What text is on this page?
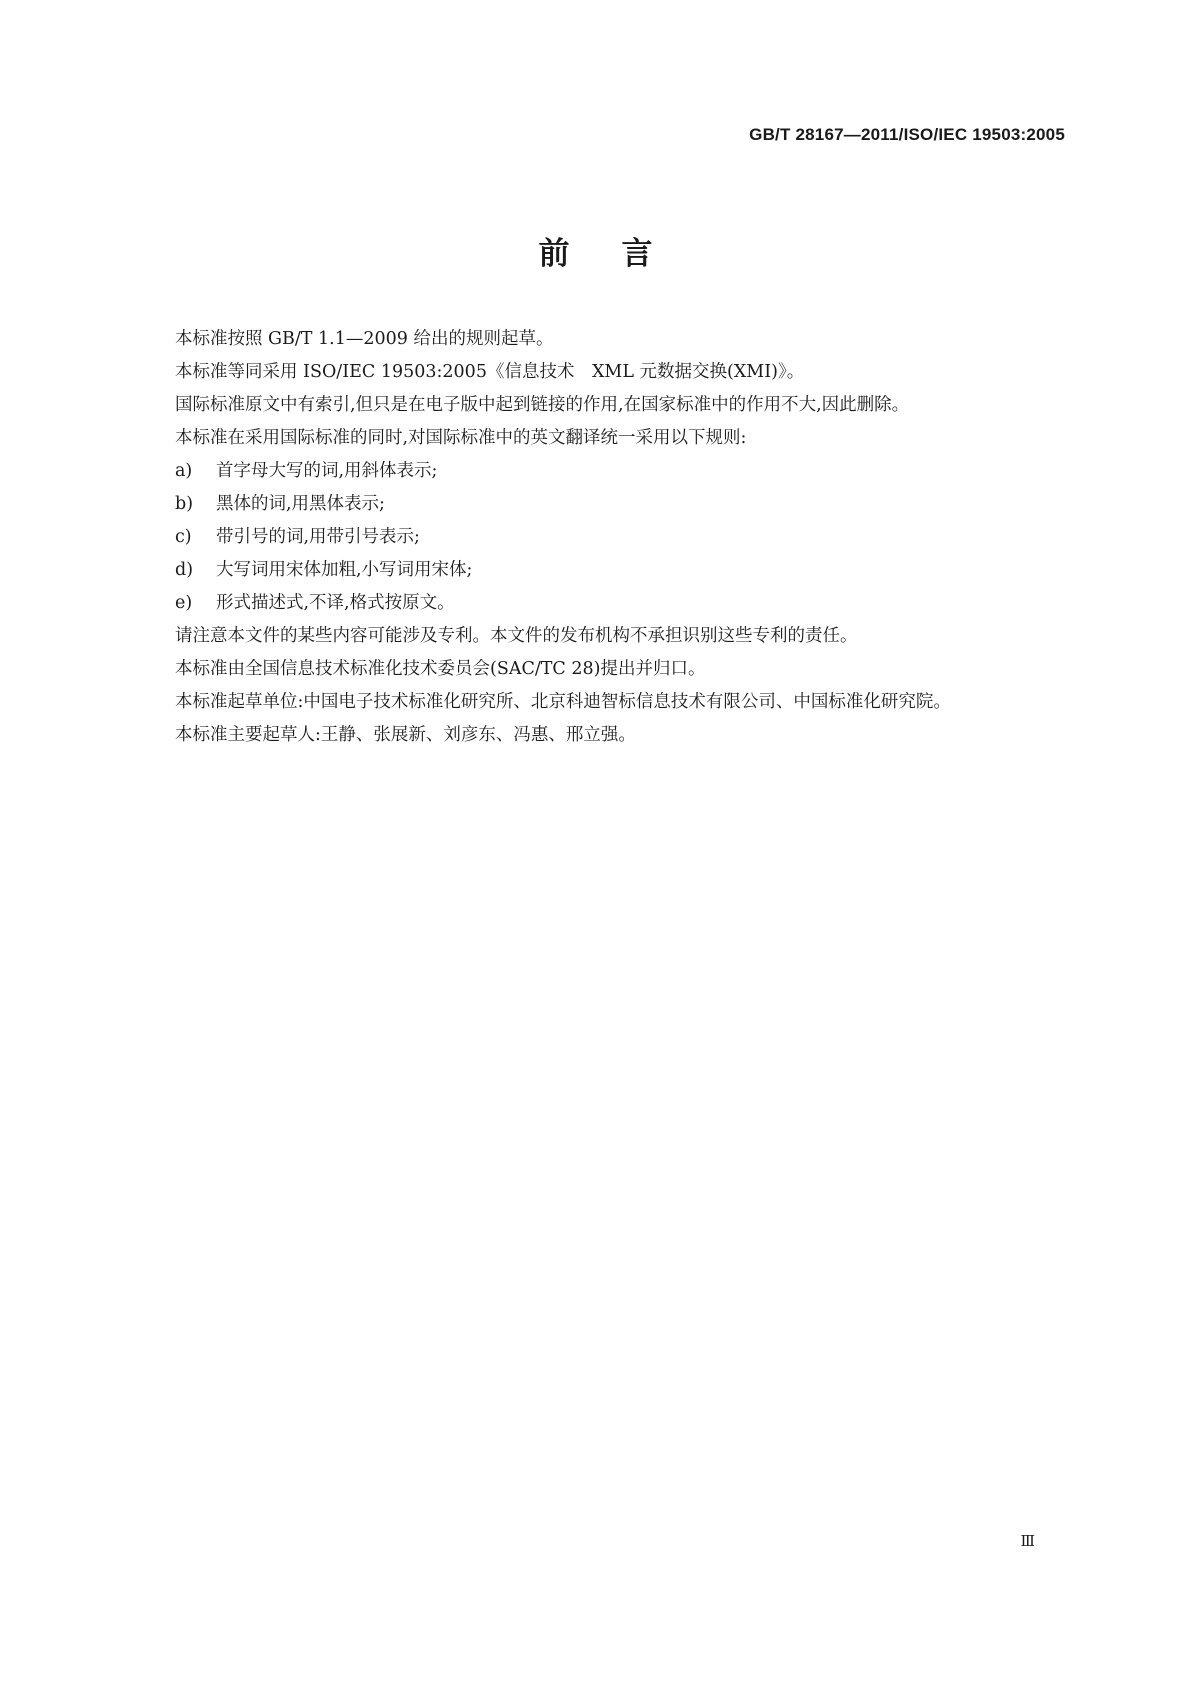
GB/T 28167—2011/ISO/IEC 19503:2005
前言

本标准按照 GB/T 1.1—2009 给出的规则起草。

本标准等同采用 ISO/IEC 19503:2005《信息技术　XML 元数据交换(XMI)》。

国际标准原文中有索引,但只是在电子版中起到链接的作用,在国家标准中的作用不大,因此删除。

本标准在采用国际标准的同时,对国际标准中的英文翻译统一采用以下规则:

a) 首字母大写的词,用斜体表示;
b) 黑体的词,用黑体表示;
c) 带引号的词,用带引号表示;
d) 大写词用宋体加粗,小写词用宋体;
e) 形式描述式,不译,格式按原文。

请注意本文件的某些内容可能涉及专利。本文件的发布机构不承担识别这些专利的责任。

本标准由全国信息技术标准化技术委员会(SAC/TC 28)提出并归口。

本标准起草单位:中国电子技术标准化研究所、北京科迪智标信息技术有限公司、中国标准化研究院。

本标准主要起草人:王静、张展新、刘彦东、冯惠、邢立强。

Ⅲ
